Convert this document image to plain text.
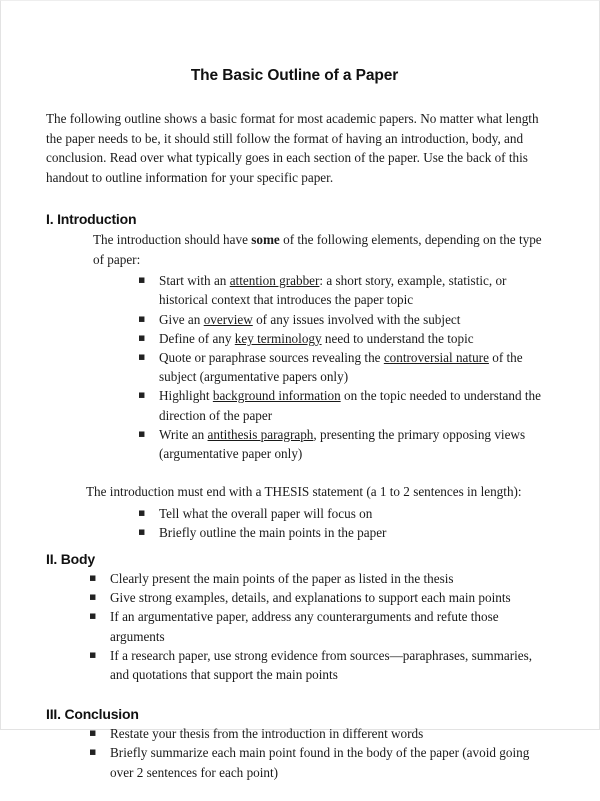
The Basic Outline of a Paper

The following outline shows a basic format for most academic papers. No matter what length the paper needs to be, it should still follow the format of having an introduction, body, and conclusion. Read over what typically goes in each section of the paper. Use the back of this handout to outline information for your specific paper.

I. Introduction

The introduction should have some of the following elements, depending on the type of paper:

▪ Start with an attention grabber: a short story, example, statistic, or historical context that introduces the paper topic
▪ Give an overview of any issues involved with the subject
▪ Define of any key terminology need to understand the topic
▪ Quote or paraphrase sources revealing the controversial nature of the subject (argumentative papers only)
▪ Highlight background information on the topic needed to understand the direction of the paper
▪ Write an antithesis paragraph, presenting the primary opposing views (argumentative paper only)

The introduction must end with a THESIS statement (a 1 to 2 sentences in length):

▪ Tell what the overall paper will focus on
▪ Briefly outline the main points in the paper
II. Body
▪ Clearly present the main points of the paper as listed in the thesis
▪ Give strong examples, details, and explanations to support each main points
▪ If an argumentative paper, address any counterarguments and refute those arguments
▪ If a research paper, use strong evidence from sources—paraphrases, summaries, and quotations that support the main points
III. Conclusion
▪ Restate your thesis from the introduction in different words
▪ Briefly summarize each main point found in the body of the paper (avoid going over 2 sentences for each point)
